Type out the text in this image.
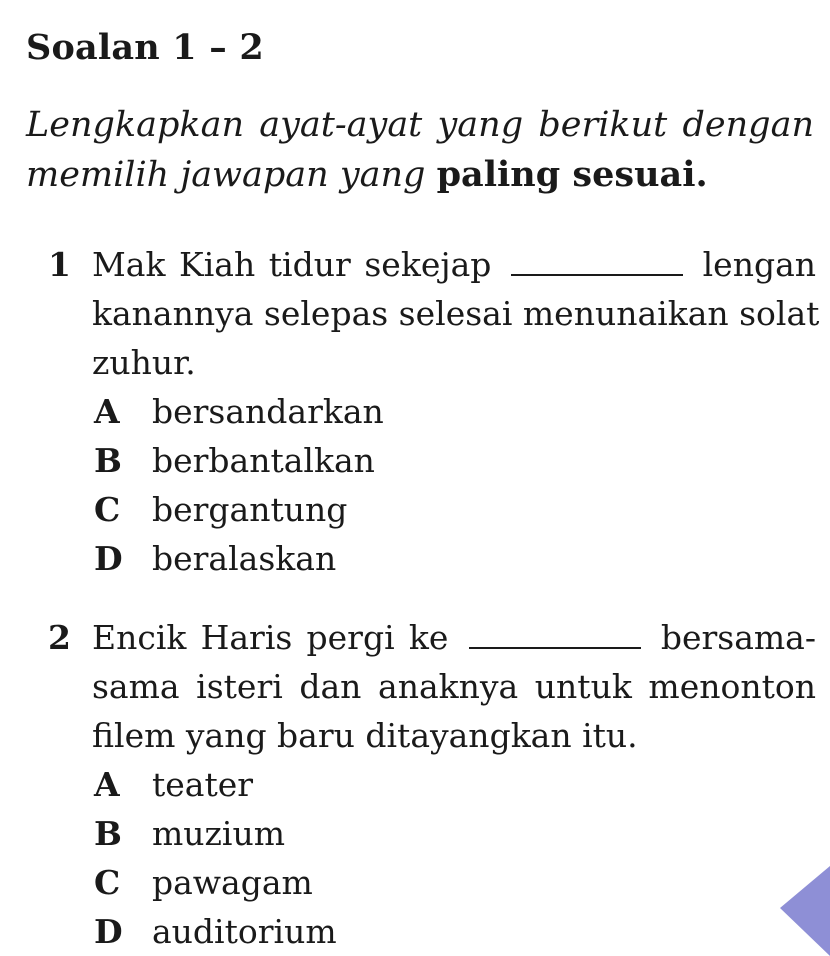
Soalan 1 – 2

Lengkapkan ayat-ayat yang berikut dengan memilih jawapan yang paling sesuai.

1 Mak Kiah tidur sekejap	lengan
kanannya selepas selesai menunaikan solat
zuhur.

A bersandarkan
B berbantalkan
C bergantung
D beralaskan

2 Encik Haris pergi ke	bersama-
sama isteri dan anaknya untuk menonton
filem yang baru ditayangkan itu.

A teater
B muzium
C pawagam
D auditorium
